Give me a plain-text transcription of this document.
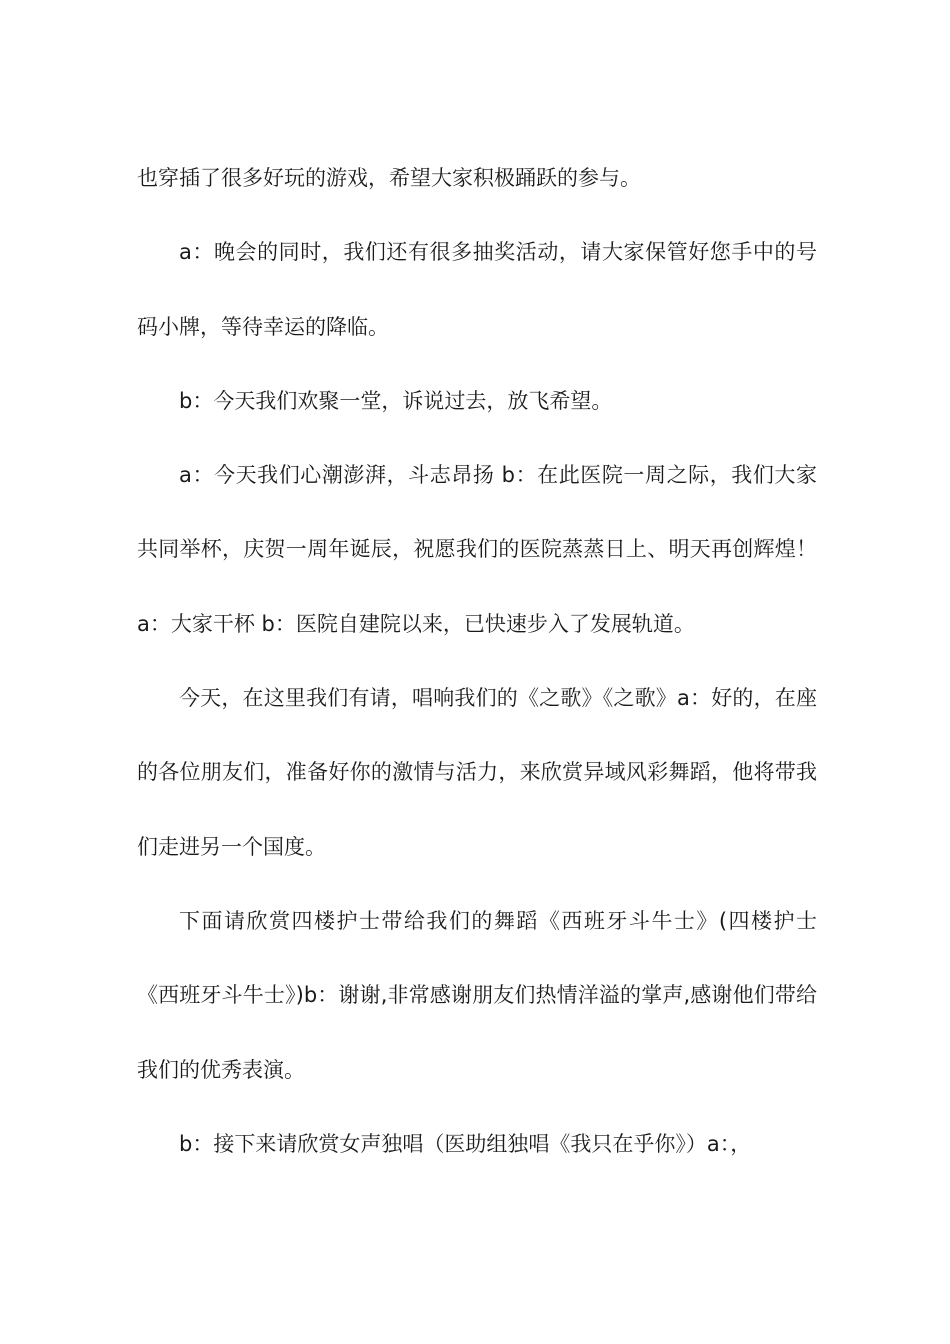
也穿插了很多好玩的游戏，希望大家积极踊跃的参与。

a：晚会的同时，我们还有很多抽奖活动，请大家保管好您手中的号码小牌，等待幸运的降临。

b：今天我们欢聚一堂，诉说过去，放飞希望。

a：今天我们心潮澎湃，斗志昂扬 b：在此医院一周之际，我们大家共同举杯，庆贺一周年诞辰，祝愿我们的医院蒸蒸日上、明天再创辉煌！a：大家干杯 b：医院自建院以来，已快速步入了发展轨道。

今天，在这里我们有请，唱响我们的《之歌》《之歌》a：好的，在座的各位朋友们，准备好你的激情与活力，来欣赏异域风彩舞蹈，他将带我们走进另一个国度。

下面请欣赏四楼护士带给我们的舞蹈《西班牙斗牛士》(四楼护士《西班牙斗牛士》)b：谢谢,非常感谢朋友们热情洋溢的掌声,感谢他们带给我们的优秀表演。

b：接下来请欣赏女声独唱（医助组独唱《我只在乎你》）a：，
